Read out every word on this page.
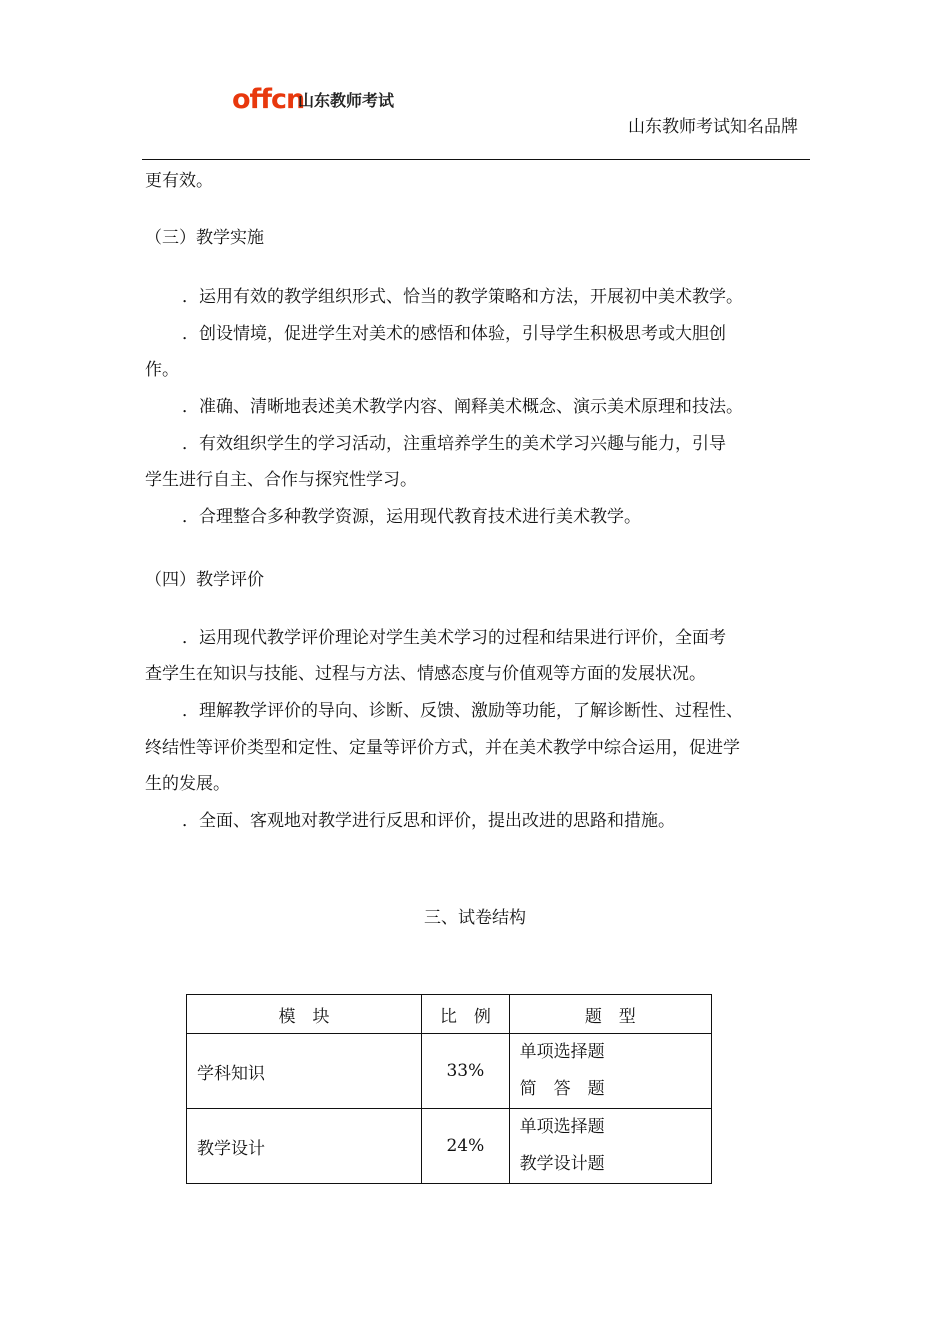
offcn
山东教师考试
山东教师考试知名品牌
更有效。
（三）教学实施
．运用有效的教学组织形式、恰当的教学策略和方法，开展初中美术教学。
．创设情境，促进学生对美术的感悟和体验，引导学生积极思考或大胆创
作。
．准确、清晰地表述美术教学内容、阐释美术概念、演示美术原理和技法。
．有效组织学生的学习活动，注重培养学生的美术学习兴趣与能力，引导
学生进行自主、合作与探究性学习。
．合理整合多种教学资源，运用现代教育技术进行美术教学。
（四）教学评价
．运用现代教学评价理论对学生美术学习的过程和结果进行评价，全面考
查学生在知识与技能、过程与方法、情感态度与价值观等方面的发展状况。
．理解教学评价的导向、诊断、反馈、激励等功能，了解诊断性、过程性、
终结性等评价类型和定性、定量等评价方式，并在美术教学中综合运用，促进学
生的发展。
．全面、客观地对教学进行反思和评价，提出改进的思路和措施。
三、试卷结构
模　块	比　例	题　型
学科知识	33%	单项选择题
简　答　题

教学设计	24%	单项选择题
教学设计题
